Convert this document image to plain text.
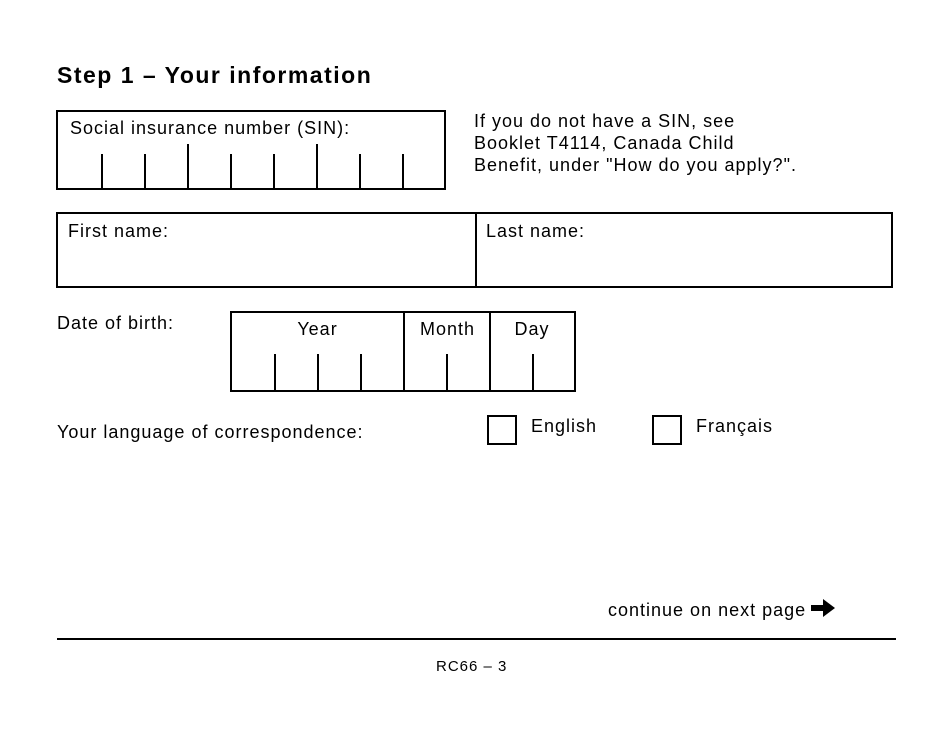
Step 1 – Your information
Social insurance number (SIN):	If you do not have a SIN, see
Booklet T4114, Canada Child
Benefit, under "How do you apply?".
First name:	Last name:
Date of birth:	Year	Month	Day
Your language of correspondence:	English	Français
continue on next page
RC66 – 3
